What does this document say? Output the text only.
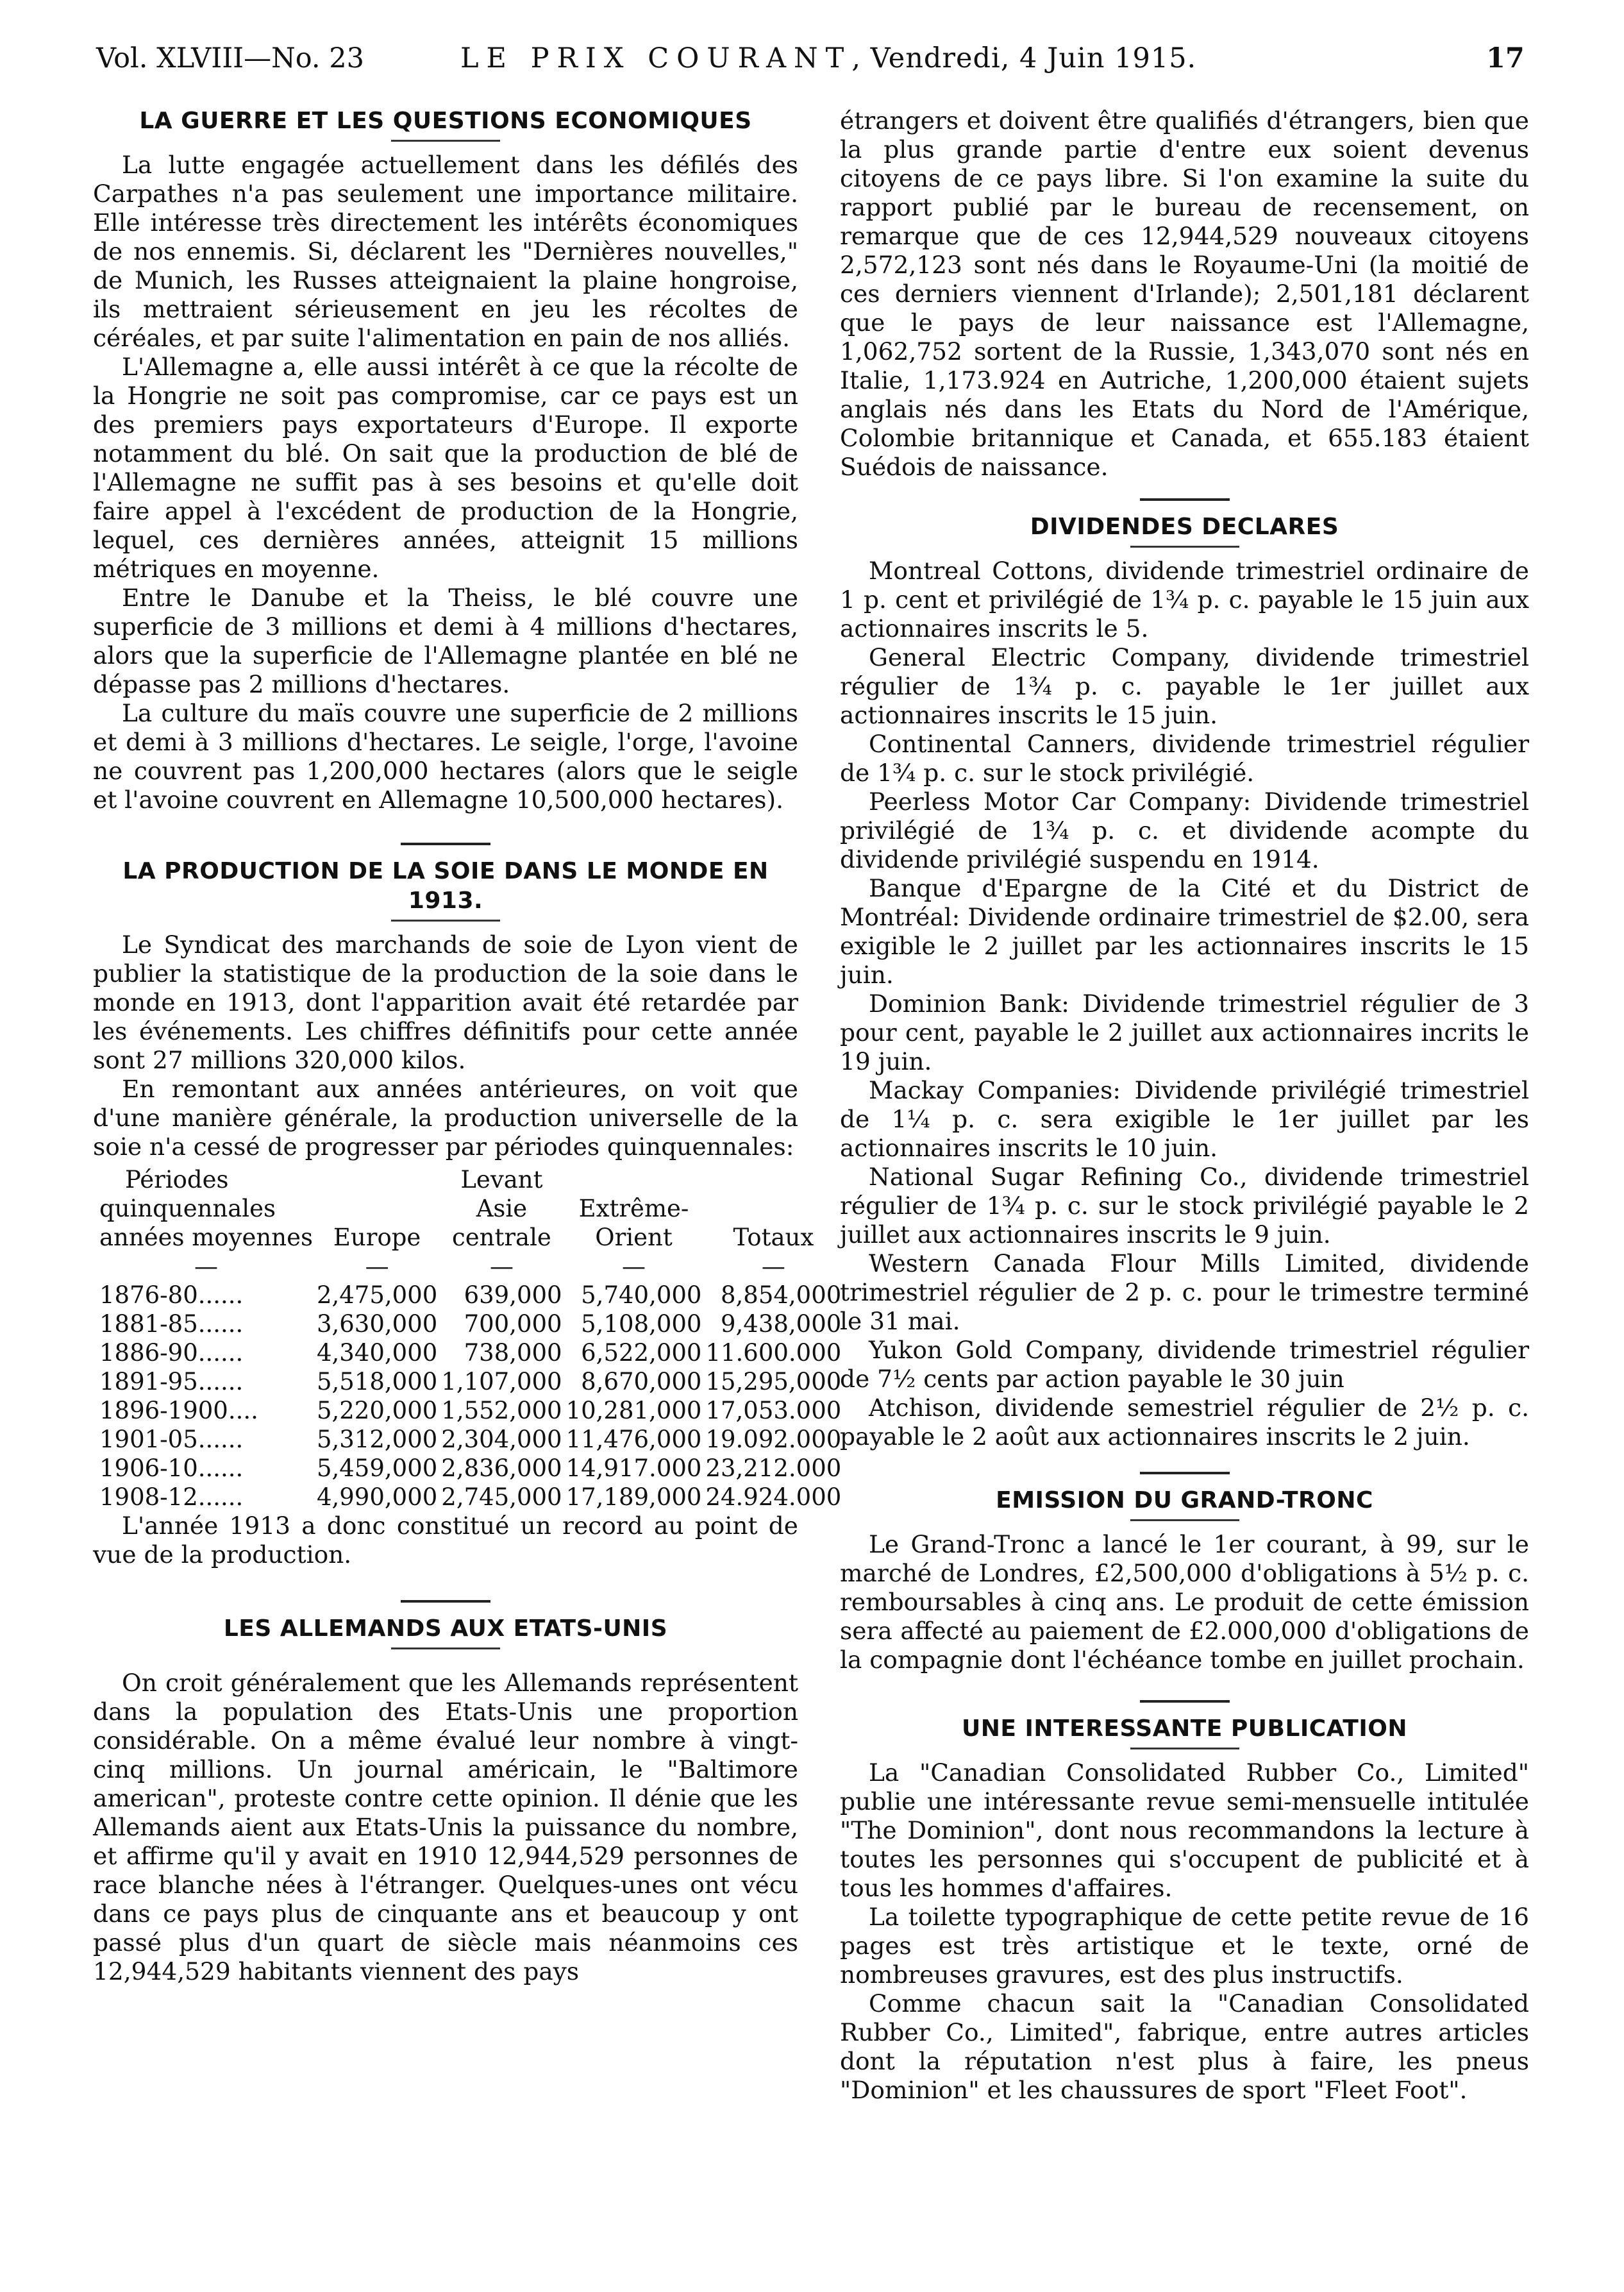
Vol. XLVIII—No. 23	LE PRIX COURANT, Vendredi, 4 Juin 1915.	17
LA GUERRE ET LES QUESTIONS ECONOMIQUES

La lutte engagée actuellement dans les défilés des Carpathes n'a pas seulement une importance militaire. Elle intéresse très directement les intérêts économiques de nos ennemis. Si, déclarent les "Dernières nouvelles," de Munich, les Russes atteignaient la plaine hongroise, ils mettraient sérieusement en jeu les récoltes de céréales, et par suite l'alimentation en pain de nos alliés.

L'Allemagne a, elle aussi intérêt à ce que la récolte de la Hongrie ne soit pas compromise, car ce pays est un des premiers pays exportateurs d'Europe. Il exporte notamment du blé. On sait que la production de blé de l'Allemagne ne suffit pas à ses besoins et qu'elle doit faire appel à l'excédent de production de la Hongrie, lequel, ces dernières années, atteignit 15 millions métriques en moyenne.

Entre le Danube et la Theiss, le blé couvre une superficie de 3 millions et demi à 4 millions d'hectares, alors que la superficie de l'Allemagne plantée en blé ne dépasse pas 2 millions d'hectares.

La culture du maïs couvre une superficie de 2 millions et demi à 3 millions d'hectares. Le seigle, l'orge, l'avoine ne couvrent pas 1,200,000 hectares (alors que le seigle et l'avoine couvrent en Allemagne 10,500,000 hectares).

LA PRODUCTION DE LA SOIE DANS LE MONDE EN 1913.

Le Syndicat des marchands de soie de Lyon vient de publier la statistique de la production de la soie dans le monde en 1913, dont l'apparition avait été retardée par les événements. Les chiffres définitifs pour cette année sont 27 millions 320,000 kilos.

En remontant aux années antérieures, on voit que d'une manière générale, la production universelle de la soie n'a cessé de progresser par périodes quinquennales:

Périodes		Levant		
quinquennales		Asie	Extrême-	
années moyennes	Europe	centrale	Orient	Totaux
—	—	—	—	—
1876-80......	2,475,000	639,000	5,740,000	8,854,000
1881-85......	3,630,000	700,000	5,108,000	9,438,000
1886-90......	4,340,000	738,000	6,522,000	11.600.000
1891-95......	5,518,000	1,107,000	8,670,000	15,295,000
1896-1900....	5,220,000	1,552,000	10,281,000	17,053.000
1901-05......	5,312,000	2,304,000	11,476,000	19.092.000
1906-10......	5,459,000	2,836,000	14,917.000	23,212.000
1908-12......	4,990,000	2,745,000	17,189,000	24.924.000

L'année 1913 a donc constitué un record au point de vue de la production.

LES ALLEMANDS AUX ETATS-UNIS

On croit généralement que les Allemands représentent dans la population des Etats-Unis une proportion considérable. On a même évalué leur nombre à vingt-cinq millions. Un journal américain, le "Baltimore american", proteste contre cette opinion. Il dénie que les Allemands aient aux Etats-Unis la puissance du nombre, et affirme qu'il y avait en 1910 12,944,529 personnes de race blanche nées à l'étranger. Quelques-unes ont vécu dans ce pays plus de cinquante ans et beaucoup y ont passé plus d'un quart de siècle mais néanmoins ces 12,944,529 habitants viennent des pays

étrangers et doivent être qualifiés d'étrangers, bien que la plus grande partie d'entre eux soient devenus citoyens de ce pays libre. Si l'on examine la suite du rapport publié par le bureau de recensement, on remarque que de ces 12,944,529 nouveaux citoyens 2,572,123 sont nés dans le Royaume-Uni (la moitié de ces derniers viennent d'Irlande); 2,501,181 déclarent que le pays de leur naissance est l'Allemagne, 1,062,752 sortent de la Russie, 1,343,070 sont nés en Italie, 1,173.924 en Autriche, 1,200,000 étaient sujets anglais nés dans les Etats du Nord de l'Amérique, Colombie britannique et Canada, et 655.183 étaient Suédois de naissance.

DIVIDENDES DECLARES

Montreal Cottons, dividende trimestriel ordinaire de 1 p. cent et privilégié de 1¾ p. c. payable le 15 juin aux actionnaires inscrits le 5.

General Electric Company, dividende trimestriel régulier de 1¾ p. c. payable le 1er juillet aux actionnaires inscrits le 15 juin.

Continental Canners, dividende trimestriel régulier de 1¾ p. c. sur le stock privilégié.

Peerless Motor Car Company: Dividende trimestriel privilégié de 1¾ p. c. et dividende acompte du dividende privilégié suspendu en 1914.

Banque d'Epargne de la Cité et du District de Montréal: Dividende ordinaire trimestriel de $2.00, sera exigible le 2 juillet par les actionnaires inscrits le 15 juin.

Dominion Bank: Dividende trimestriel régulier de 3 pour cent, payable le 2 juillet aux actionnaires incrits le 19 juin.

Mackay Companies: Dividende privilégié trimestriel de 1¼ p. c. sera exigible le 1er juillet par les actionnaires inscrits le 10 juin.

National Sugar Refining Co., dividende trimestriel régulier de 1¾ p. c. sur le stock privilégié payable le 2 juillet aux actionnaires inscrits le 9 juin.

Western Canada Flour Mills Limited, dividende trimestriel régulier de 2 p. c. pour le trimestre terminé le 31 mai.

Yukon Gold Company, dividende trimestriel régulier de 7½ cents par action payable le 30 juin

Atchison, dividende semestriel régulier de 2½ p. c. payable le 2 août aux actionnaires inscrits le 2 juin.

EMISSION DU GRAND-TRONC

Le Grand-Tronc a lancé le 1er courant, à 99, sur le marché de Londres, £2,500,000 d'obligations à 5½ p. c. remboursables à cinq ans. Le produit de cette émission sera affecté au paiement de £2.000,000 d'obligations de la compagnie dont l'échéance tombe en juillet prochain.

UNE INTERESSANTE PUBLICATION

La "Canadian Consolidated Rubber Co., Limited" publie une intéressante revue semi-mensuelle intitulée "The Dominion", dont nous recommandons la lecture à toutes les personnes qui s'occupent de publicité et à tous les hommes d'affaires.

La toilette typographique de cette petite revue de 16 pages est très artistique et le texte, orné de nombreuses gravures, est des plus instructifs.

Comme chacun sait la "Canadian Consolidated Rubber Co., Limited", fabrique, entre autres articles dont la réputation n'est plus à faire, les pneus "Dominion" et les chaussures de sport "Fleet Foot".
